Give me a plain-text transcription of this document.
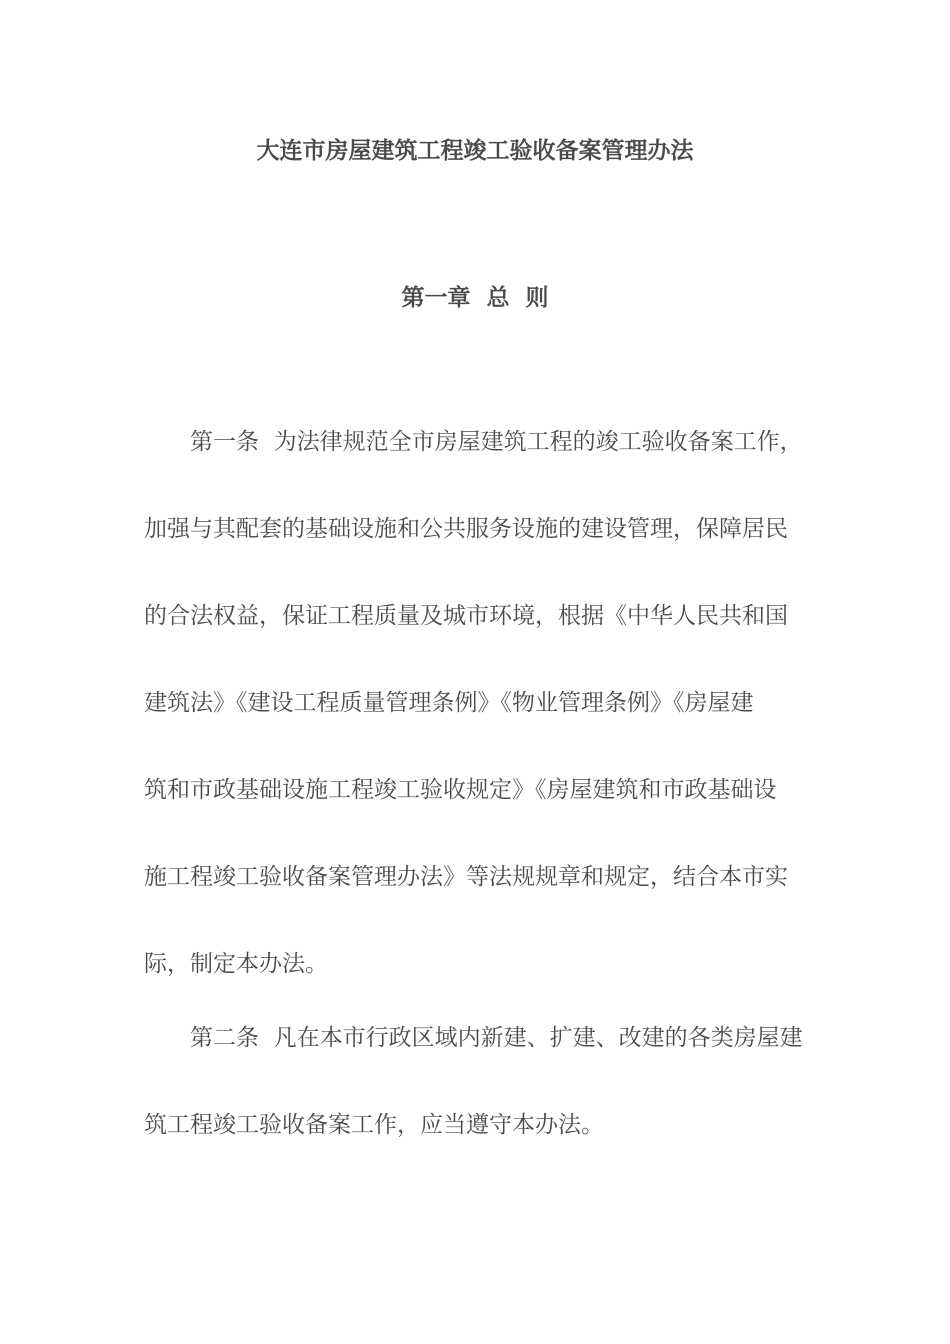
大连市房屋建筑工程竣工验收备案管理办法
第一章  总  则
第一条  为法律规范全市房屋建筑工程的竣工验收备案工作，
加强与其配套的基础设施和公共服务设施的建设管理，保障居民
的合法权益，保证工程质量及城市环境，根据《中华人民共和国
建筑法》《建设工程质量管理条例》《物业管理条例》《房屋建
筑和市政基础设施工程竣工验收规定》《房屋建筑和市政基础设
施工程竣工验收备案管理办法》等法规规章和规定，结合本市实
际，制定本办法。
第二条  凡在本市行政区域内新建、扩建、改建的各类房屋建
筑工程竣工验收备案工作，应当遵守本办法。
